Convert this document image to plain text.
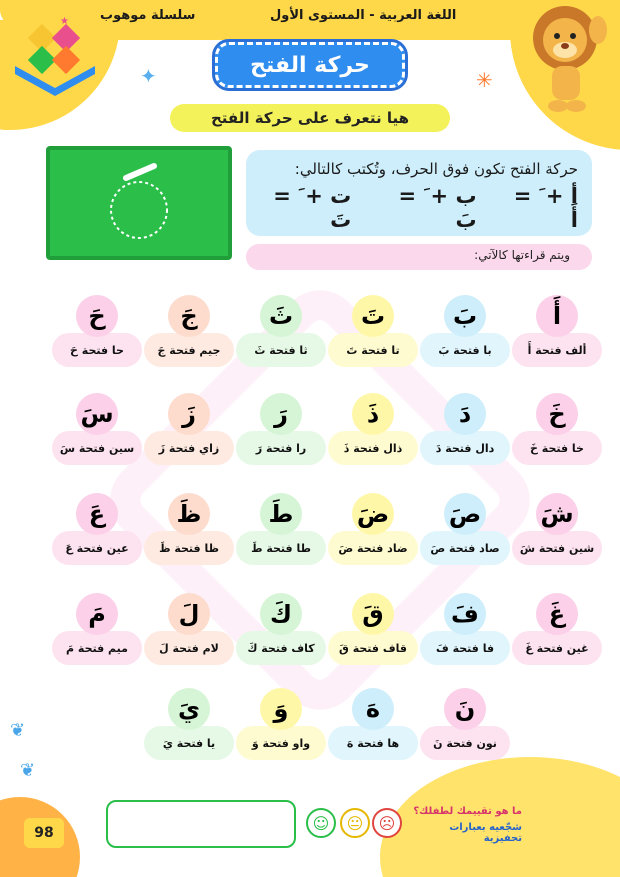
سلسلة موهوب	اللغة العربية - المستوى الأول
★
حركة الفتح
✦	✳
هيا نتعرف على حركة الفتح
حركة الفتح تكون فوق الحرف، وتُكتب كالتالي:
أ + َ = أَ
ب + َ = بَ
ت + َ = تَ
ويتم قراءتها كالآتي:
ألف فتحة أَ
أَ
با فتحة بَ
بَ
تا فتحة تَ
تَ
ثا فتحة ثَ
ثَ
جيم فتحة جَ
جَ
حا فتحة حَ
حَ
خا فتحة خَ
خَ
دال فتحة دَ
دَ
ذال فتحة ذَ
ذَ
را فتحة رَ
رَ
زاي فتحة زَ
زَ
سين فتحة سَ
سَ
شين فتحة شَ
شَ
صاد فتحة صَ
صَ
ضاد فتحة ضَ
ضَ
طا فتحة طَ
طَ
ظا فتحة ظَ
ظَ
عين فتحة عَ
عَ
غين فتحة غَ
غَ
فا فتحة فَ
فَ
قاف فتحة قَ
قَ
كاف فتحة كَ
كَ
لام فتحة لَ
لَ
ميم فتحة مَ
مَ
نون فتحة نَ
نَ
ها فتحة هَ
هَ
واو فتحة وَ
وَ
يا فتحة يَ
يَ
☹
😐
☺
ما هو تقييمك لطفلك؟
شجّعيه بعبارات تحفيزية
98
❦
❦
